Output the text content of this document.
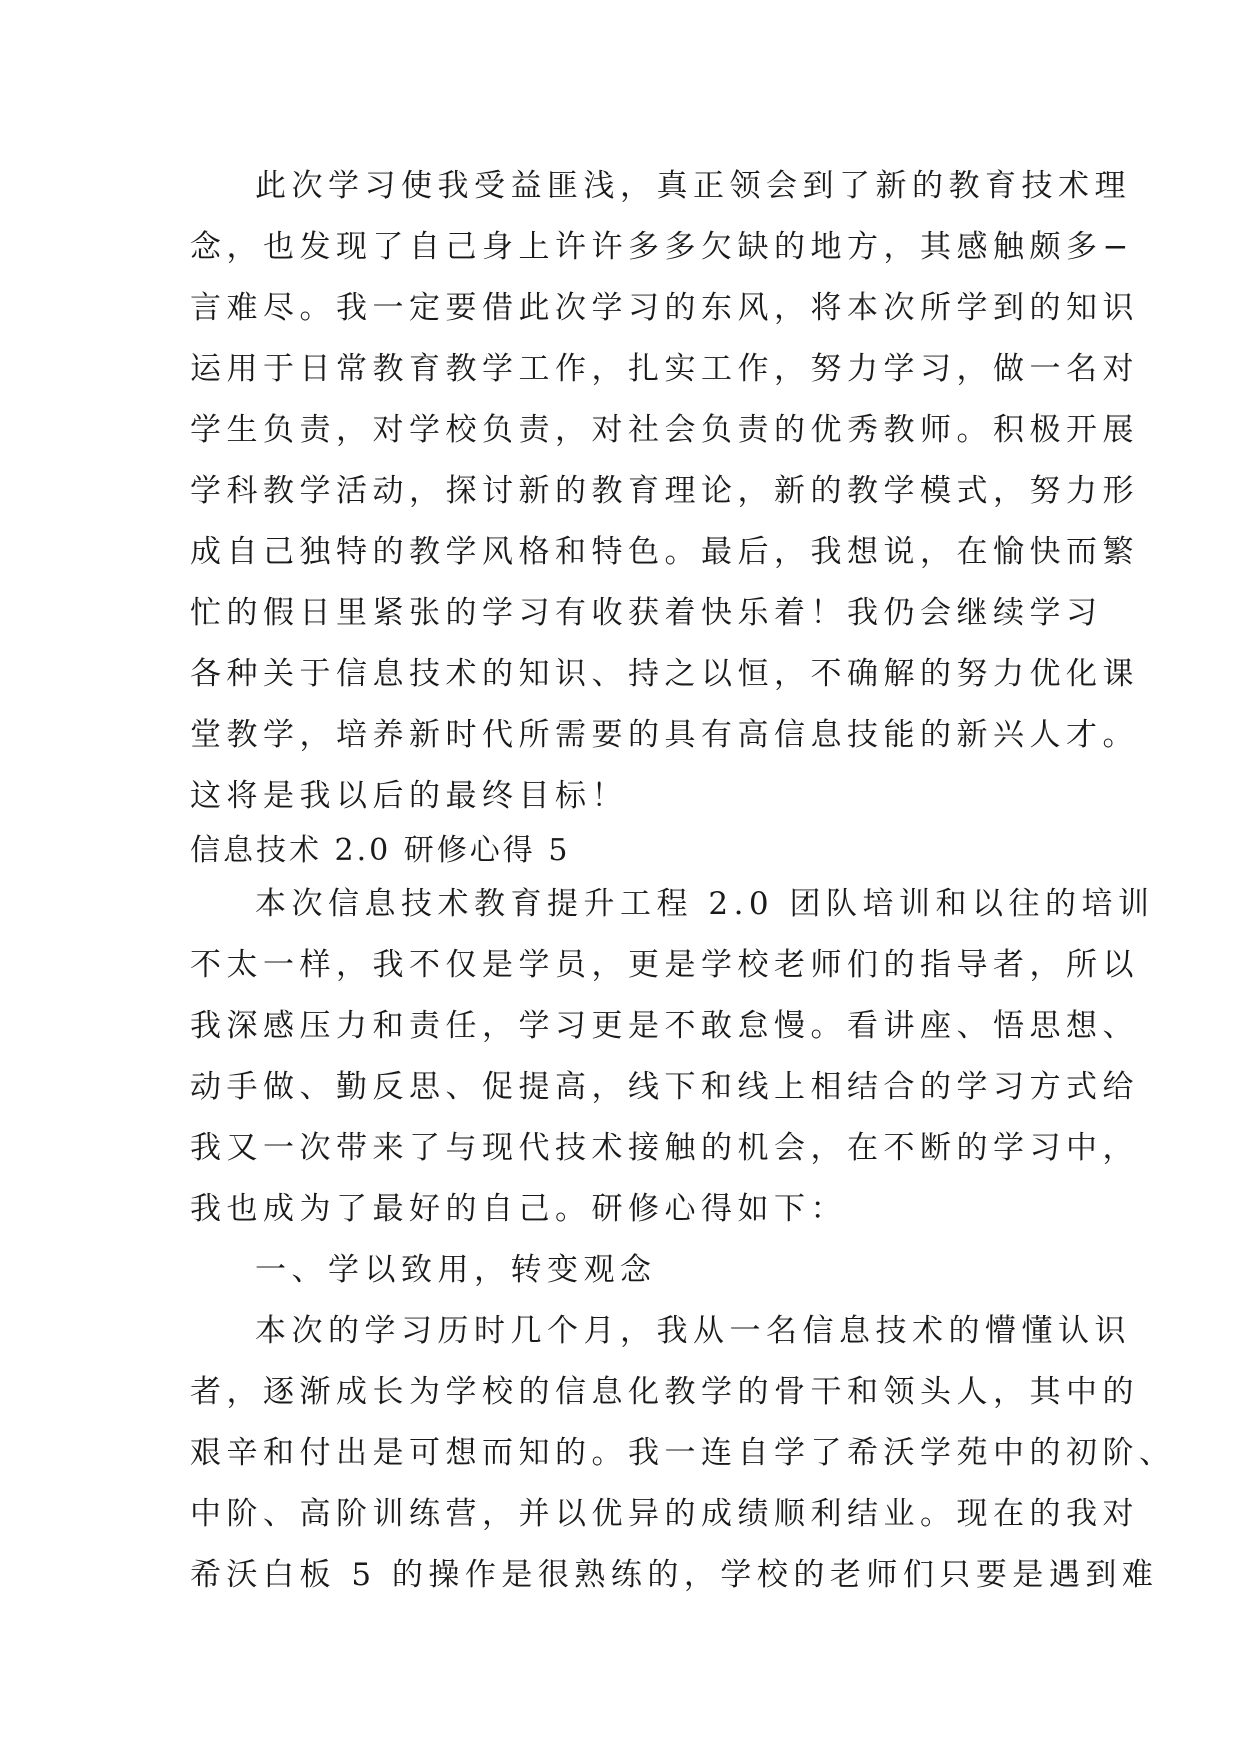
此次学习使我受益匪浅，真正领会到了新的教育技术理
念，也发现了自己身上许许多多欠缺的地方，其感触颇多−
言难尽。我一定要借此次学习的东风，将本次所学到的知识
运用于日常教育教学工作，扎实工作，努力学习，做一名对
学生负责，对学校负责，对社会负责的优秀教师。积极开展
学科教学活动，探讨新的教育理论，新的教学模式，努力形
成自己独特的教学风格和特色。最后，我想说，在愉快而繁
忙的假日里紧张的学习有收获着快乐着！我仍会继续学习
各种关于信息技术的知识、持之以恒，不确解的努力优化课
堂教学，培养新时代所需要的具有高信息技能的新兴人才。
这将是我以后的最终目标！
信息技术 2.0 研修心得 5
本次信息技术教育提升工程 2.0 团队培训和以往的培训
不太一样，我不仅是学员，更是学校老师们的指导者，所以
我深感压力和责任，学习更是不敢怠慢。看讲座、悟思想、
动手做、勤反思、促提高，线下和线上相结合的学习方式给
我又一次带来了与现代技术接触的机会，在不断的学习中，
我也成为了最好的自己。研修心得如下：
一、学以致用，转变观念
本次的学习历时几个月，我从一名信息技术的懵懂认识
者，逐渐成长为学校的信息化教学的骨干和领头人，其中的
艰辛和付出是可想而知的。我一连自学了希沃学苑中的初阶、
中阶、高阶训练营，并以优异的成绩顺利结业。现在的我对
希沃白板 5 的操作是很熟练的，学校的老师们只要是遇到难
